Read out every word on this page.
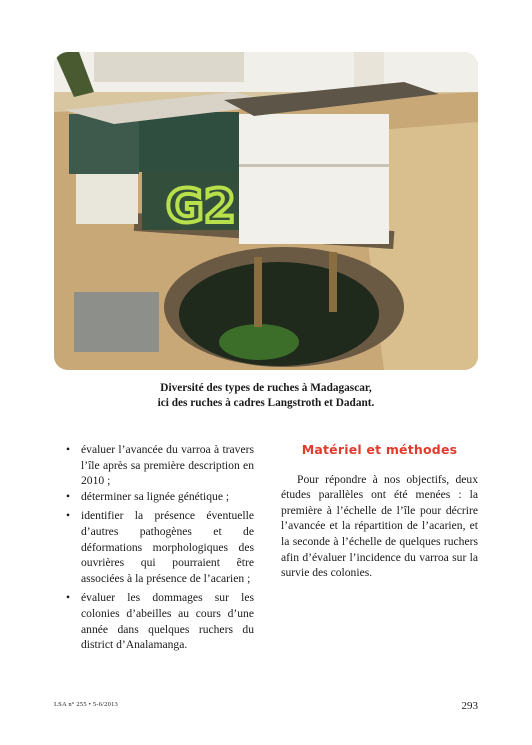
G2
Diversité des types de ruches à Madagascar,
ici des ruches à cadres Langstroth et Dadant.
• évaluer l’avancée du varroa à travers l’île après sa première description en 2010 ;
• déterminer sa lignée génétique ;
• identifier la présence éventuelle d’autres pathogènes et de déformations morphologiques des ouvrières qui pourraient être associées à la présence de l’acarien ;
• évaluer les dommages sur les colonies d’abeilles au cours d’une année dans quelques ruchers du district d’Analamanga.
Matériel et méthodes

Pour répondre à nos objectifs, deux études parallèles ont été menées : la première à l’échelle de l’île pour décrire l’avancée et la répartition de l’acarien, et la seconde à l’échelle de quelques ruchers afin d’évaluer l’incidence du varroa sur la survie des colonies.

LSA n° 255 • 5-6/2013	293
